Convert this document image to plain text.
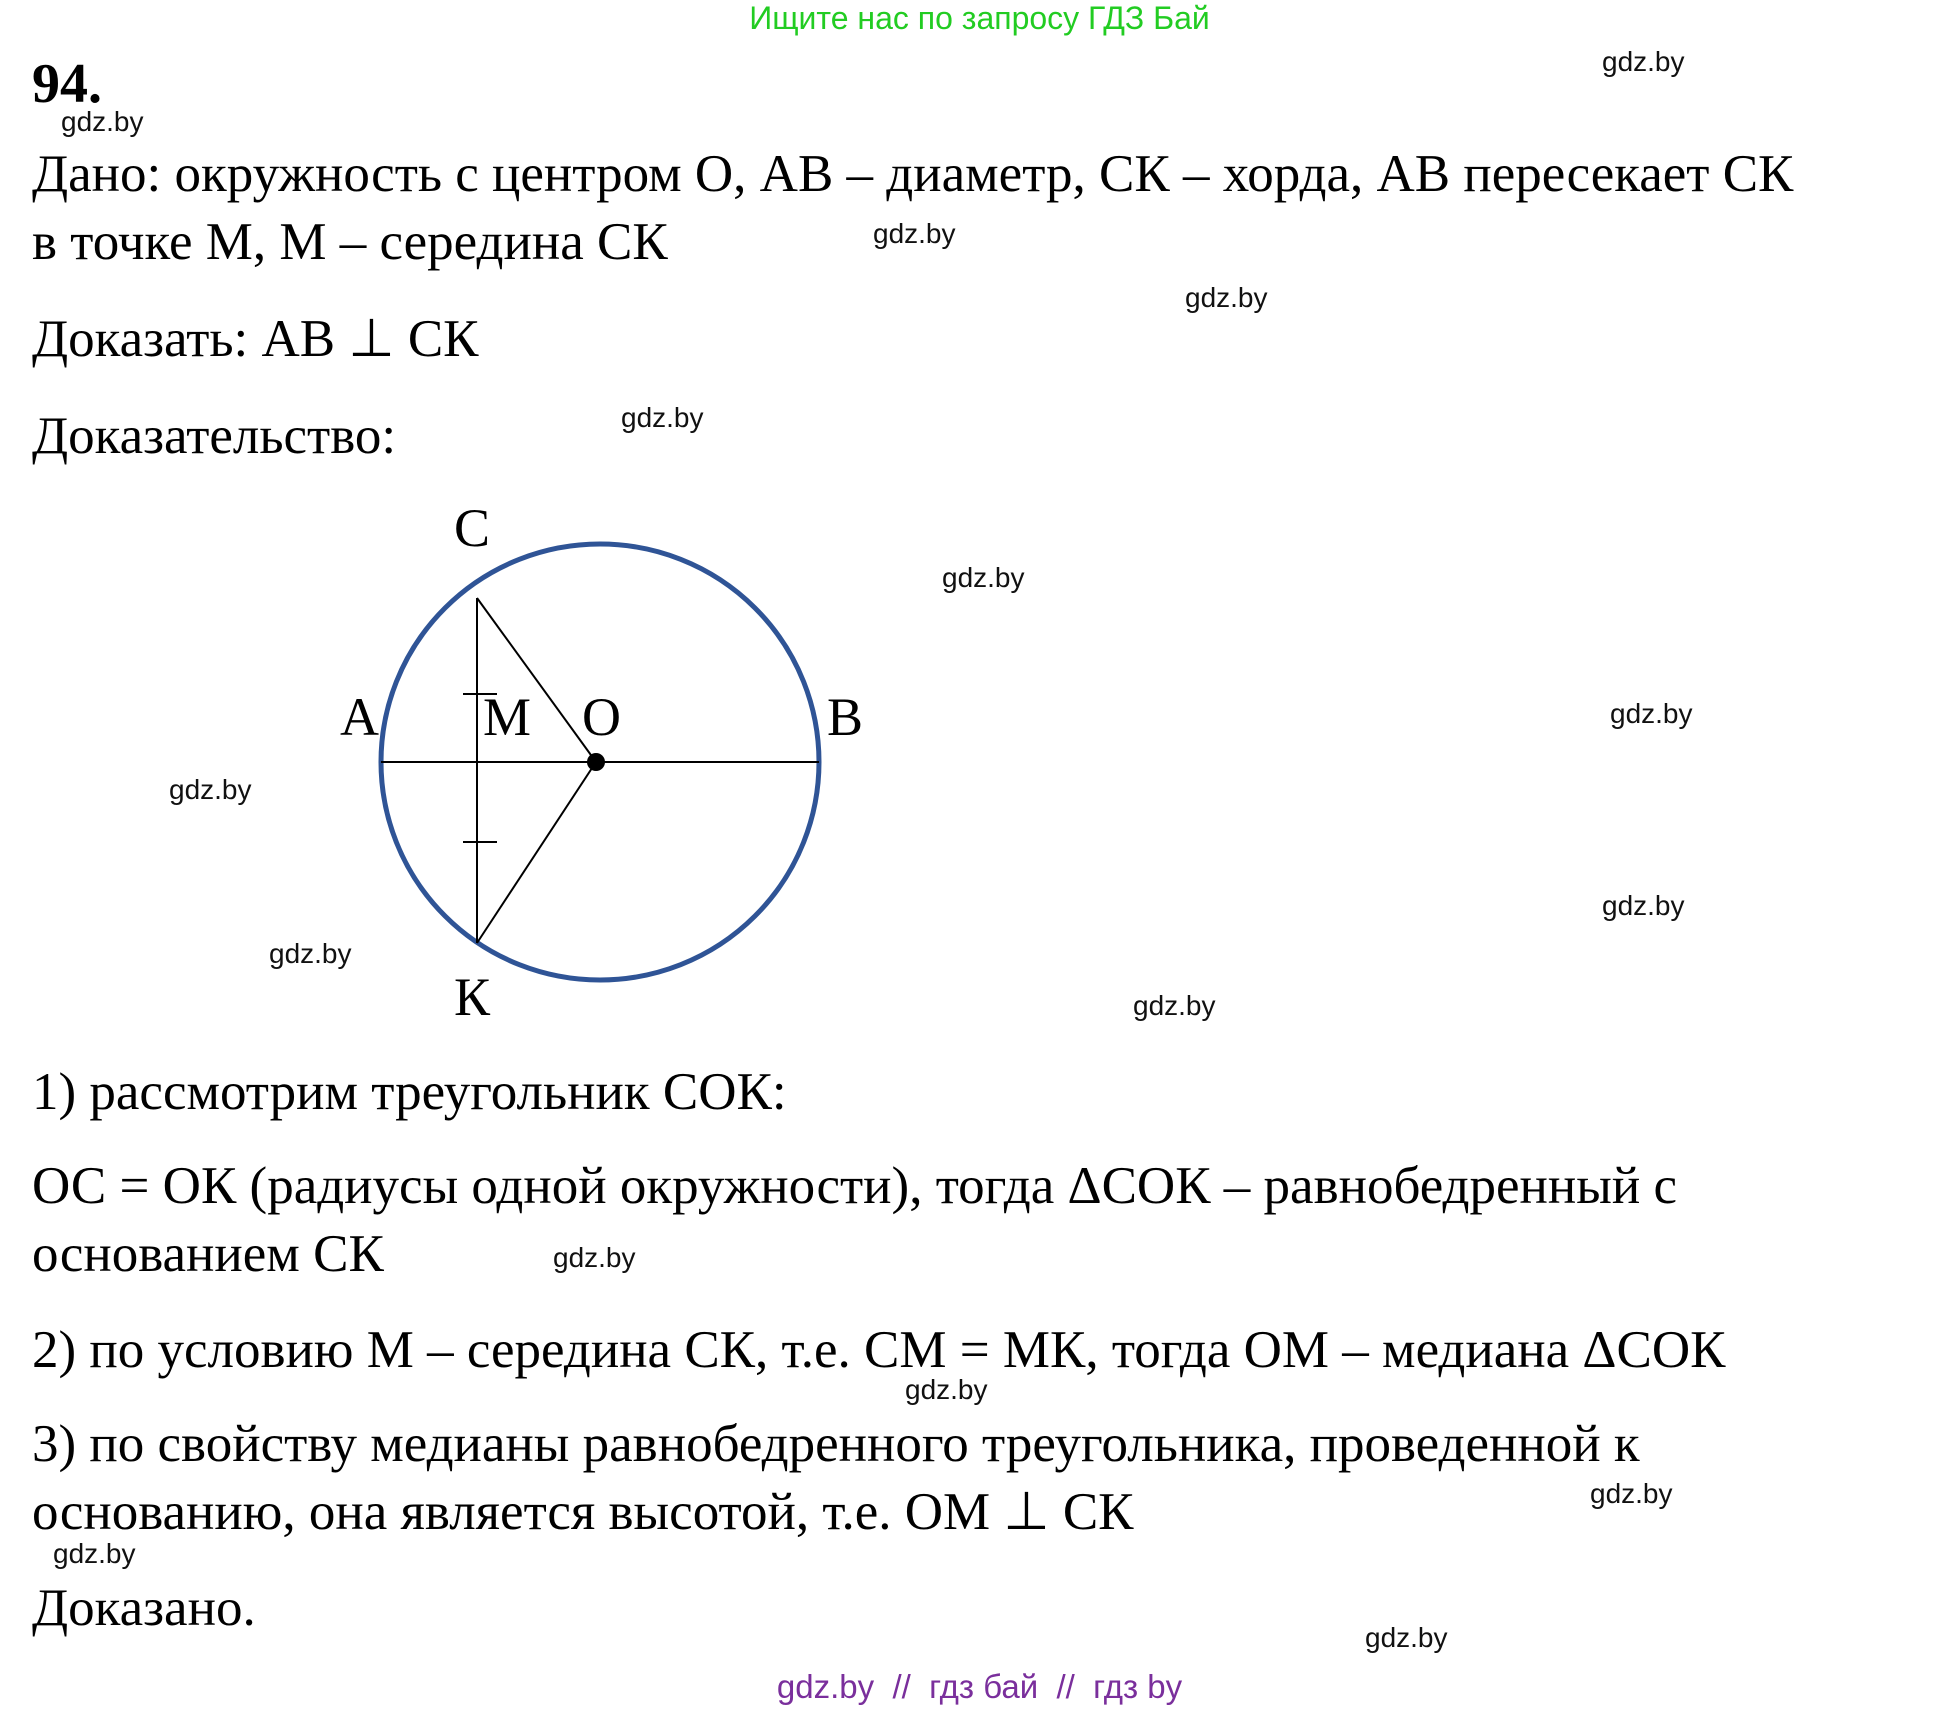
Ищите нас по запросу ГДЗ Бай
94.
Дано: окружность с центром О, АВ – диаметр, СК – хорда, АВ пересекает СК
в точке М, М – середина СК
Доказать: АВ ⊥ СК
Доказательство:
С
А М О	В
К
1) рассмотрим треугольник СОК:
ОС = ОК (радиусы одной окружности), тогда ΔСОК – равнобедренный с
основанием СК
2) по условию М – середина СК, т.е. СМ = МК, тогда ОМ – медиана ΔСОК
3) по свойству медианы равнобедренного треугольника, проведенной к
основанию, она является высотой, т.е. ОМ ⊥ СК
Доказано.
gdz.by
gdz.by
gdz.by
gdz.by
gdz.by
gdz.by
gdz.by
gdz.by
gdz.by
gdz.by
gdz.by
gdz.by
gdz.by
gdz.by
gdz.by
gdz.by
gdz.by  //  гдз бай  //  гдз by
